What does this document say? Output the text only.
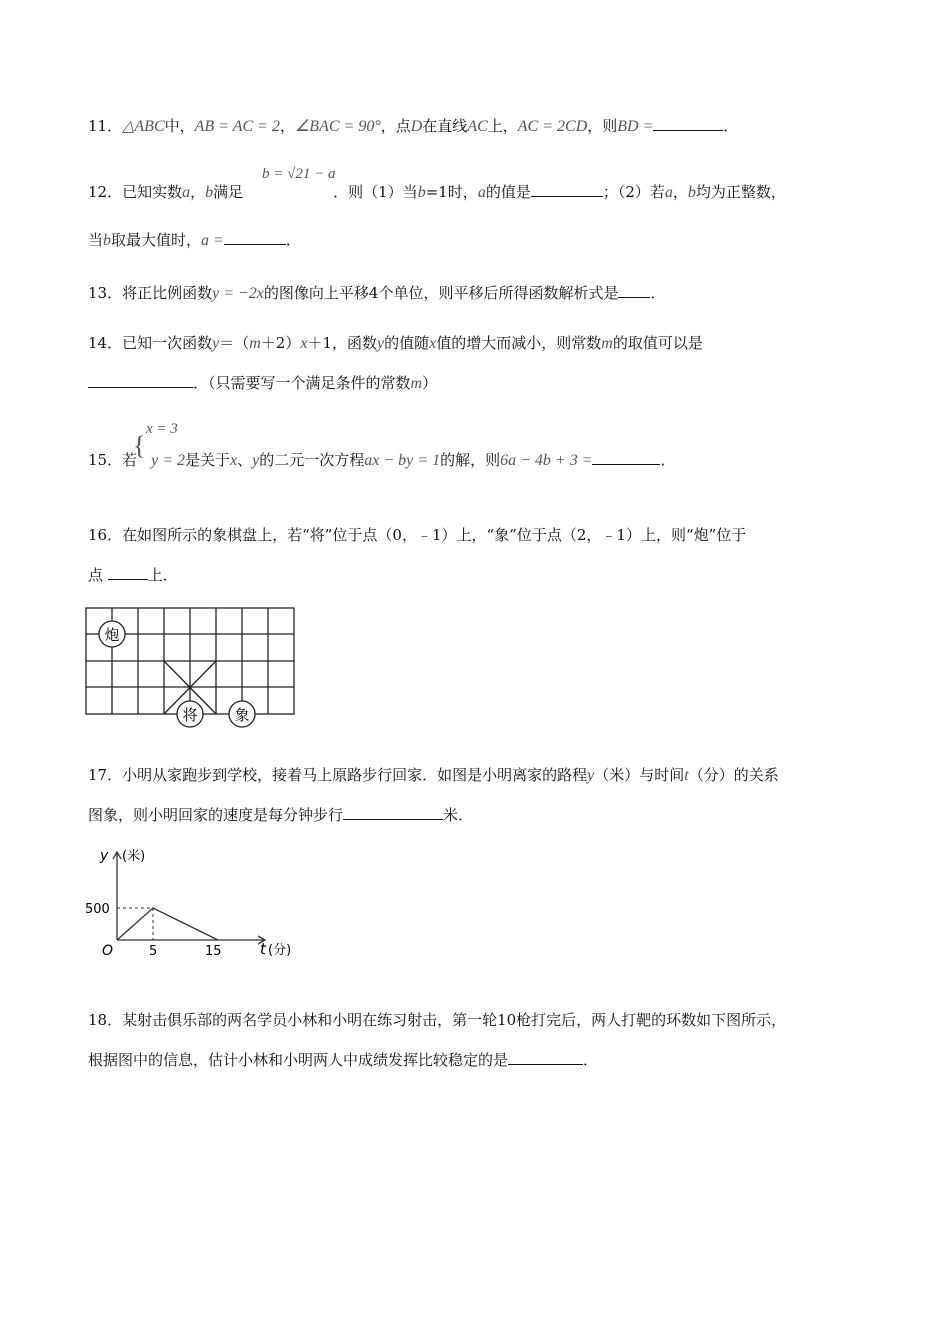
11．△ABC中，AB = AC = 2，∠BAC = 90°，点D在直线AC上，AC = 2CD，则BD =	．
b = √21 − a
12．已知实数a，b满足	．则（1）当b=1时，a的值是	；（2）若a，b均为正整数，
当b取最大值时，a =	．
13．将正比例函数y = −2x的图像向上平移4个单位，则平移后所得函数解析式是 ．
14．已知一次函数y＝（m＋2）x＋1，函数y的值随x值的增大而减小，则常数m的取值可以是
．（只需要写一个满足条件的常数m）
{
x = 3
15．若 y = 2是关于x、y的二元一次方程ax − by = 1的解，则6a − 4b + 3 =	．
16．在如图所示的象棋盘上，若“将”位于点（0，﹣1）上，“象”位于点（2，﹣1）上，则“炮”位于
点	上．
炮
将 象
17．小明从家跑步到学校，接着马上原路步行回家．如图是小明离家的路程y（米）与时间t（分）的关系
图象，则小明回家的速度是每分钟步行	米．
y (米)
500
O	5	15	t (分)
18．某射击俱乐部的两名学员小林和小明在练习射击，第一轮10枪打完后，两人打靶的环数如下图所示，
根据图中的信息，估计小林和小明两人中成绩发挥比较稳定的是	．
